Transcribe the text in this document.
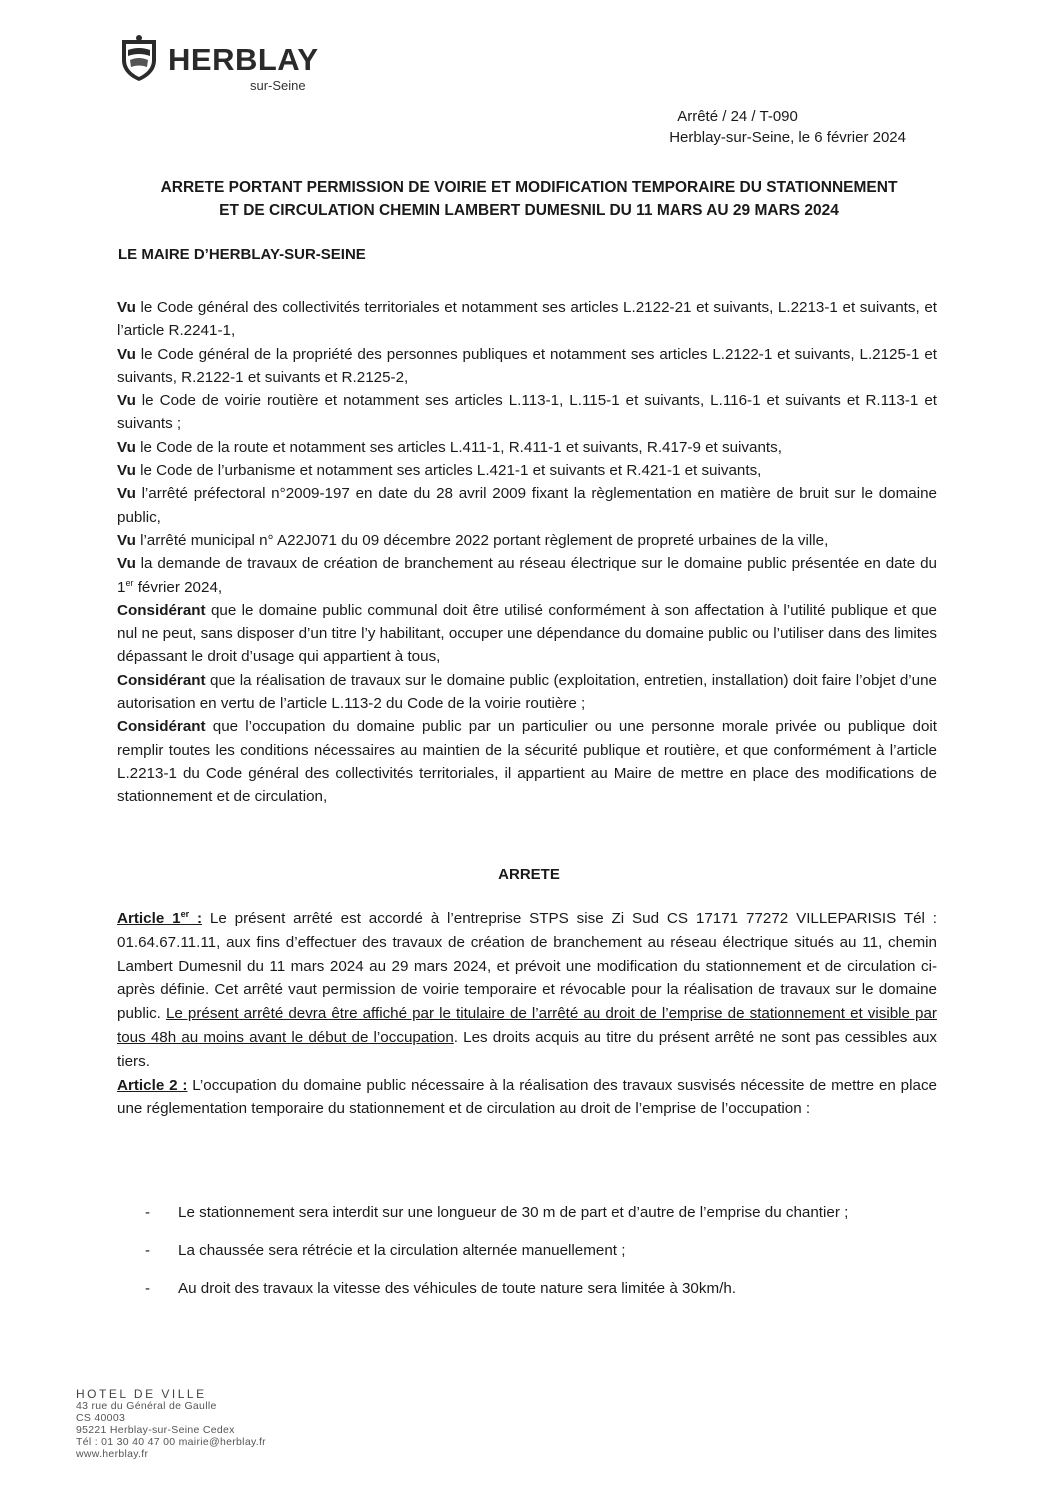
HERBLAY
sur-Seine
Arrêté / 24 / T-090
Herblay-sur-Seine, le 6 février 2024
ARRETE PORTANT PERMISSION DE VOIRIE ET MODIFICATION TEMPORAIRE DU STATIONNEMENT
ET DE CIRCULATION CHEMIN LAMBERT DUMESNIL DU 11 MARS AU 29 MARS 2024
LE MAIRE D’HERBLAY-SUR-SEINE

Vu le Code général des collectivités territoriales et notamment ses articles L.2122-21 et suivants, L.2213-1 et suivants, et l’article R.2241-1,

Vu le Code général de la propriété des personnes publiques et notamment ses articles L.2122-1 et suivants, L.2125-1 et suivants, R.2122-1 et suivants et R.2125-2,

Vu le Code de voirie routière et notamment ses articles L.113-1, L.115-1 et suivants, L.116-1 et suivants et R.113-1 et suivants ;

Vu le Code de la route et notamment ses articles L.411-1, R.411-1 et suivants, R.417-9 et suivants,

Vu le Code de l’urbanisme et notamment ses articles L.421-1 et suivants et R.421-1 et suivants,

Vu l’arrêté préfectoral n°2009-197 en date du 28 avril 2009 fixant la règlementation en matière de bruit sur le domaine public,

Vu l’arrêté municipal n° A22J071 du 09 décembre 2022 portant règlement de propreté urbaines de la ville,

Vu la demande de travaux de création de branchement au réseau électrique sur le domaine public présentée en date du 1er février 2024,

Considérant que le domaine public communal doit être utilisé conformément à son affectation à l’utilité publique et que nul ne peut, sans disposer d’un titre l’y habilitant, occuper une dépendance du domaine public ou l’utiliser dans des limites dépassant le droit d’usage qui appartient à tous,

Considérant que la réalisation de travaux sur le domaine public (exploitation, entretien, installation) doit faire l’objet d’une autorisation en vertu de l’article L.113-2 du Code de la voirie routière ;

Considérant que l’occupation du domaine public par un particulier ou une personne morale privée ou publique doit remplir toutes les conditions nécessaires au maintien de la sécurité publique et routière, et que conformément à l’article L.2213-1 du Code général des collectivités territoriales, il appartient au Maire de mettre en place des modifications de stationnement et de circulation,

ARRETE

Article 1er : Le présent arrêté est accordé à l’entreprise STPS sise Zi Sud CS 17171 77272 VILLEPARISIS Tél : 01.64.67.11.11, aux fins d’effectuer des travaux de création de branchement au réseau électrique situés au 11, chemin Lambert Dumesnil du 11 mars 2024 au 29 mars 2024, et prévoit une modification du stationnement et de circulation ci-après définie. Cet arrêté vaut permission de voirie temporaire et révocable pour la réalisation de travaux sur le domaine public. Le présent arrêté devra être affiché par le titulaire de l’arrêté au droit de l’emprise de stationnement et visible par tous 48h au moins avant le début de l’occupation. Les droits acquis au titre du présent arrêté ne sont pas cessibles aux tiers.

Article 2 : L’occupation du domaine public nécessaire à la réalisation des travaux susvisés nécessite de mettre en place une réglementation temporaire du stationnement et de circulation au droit de l’emprise de l’occupation :

- Le stationnement sera interdit sur une longueur de 30 m de part et d’autre de l’emprise du chantier ;
- La chaussée sera rétrécie et la circulation alternée manuellement ;
- Au droit des travaux la vitesse des véhicules de toute nature sera limitée à 30km/h.
HOTEL DE VILLE
43 rue du Général de Gaulle
CS 40003
95221 Herblay-sur-Seine Cedex
Tél : 01 30 40 47 00 mairie@herblay.fr
www.herblay.fr
